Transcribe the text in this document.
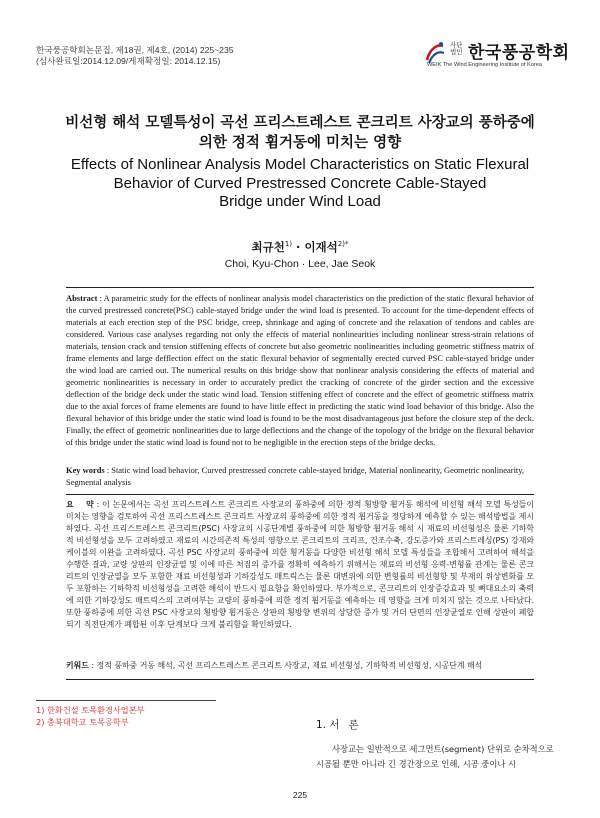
한국풍공학회논문집, 제18권, 제4호, (2014) 225~235
(심사완료일:2014.12.09/게재확정일: 2014.12.15)
사단
법인 한국풍공학회
WEIK The Wind Engineering Institute of Korea
비선형 해석 모델특성이 곡선 프리스트레스트 콘크리트 사장교의 풍하중에
의한 정적 휨거동에 미치는 영향
Effects of Nonlinear Analysis Model Characteristics on Static Flexural
Behavior of Curved Prestressed Concrete Cable-Stayed
Bridge under Wind Load
최규천$^{1)}$ · 이재석$^{2)*}$
Choi, Kyu-Chon · Lee, Jae Seok
Abstract : A parametric study for the effects of nonlinear analysis model characteristics on the prediction of the static flexural behavior of the curved prestressed concrete(PSC) cable-stayed bridge under the wind load is presented. To account for the time-dependent effects of materials at each erection step of the PSC bridge, creep, shrinkage and aging of concrete and the relaxation of tendons and cables are considered. Various case analyses regarding not only the effects of material nonlinearities including nonlinear stress-strain relations of materials, tension crack and tension stiffening effects of concrete but also geometric nonlinearities including geometric stiffness matrix of frame elements and large defflection effect on the static flexural behavior of segmentally erected curved PSC cable-stayed bridge under the wind load are carried out. The numerical results on this bridge show that nonlinear analysis considering the effects of material and geometric nonlinearities is necessary in order to accurately predict the cracking of concrete of the girder section and the excessive deflection of the bridge deck under the static wind load. Tension stiffening effect of concrete and the effect of geometric stiffness matrix due to the axial forces of frame elements are found to have little effect in predicting the static wind load behavior of this bridge. Also the flexural behavior of this bridge under the static wind load is found to be the most disadvantageous just before the closure step of the deck. Finally, the effect of geometric nonlinearities due to large deflections and the change of the topology of the bridge on the flexural behavior of this bridge under the static wind load is found not to be negligible in the erection steps of the bridge decks.
Key words : Static wind load behavior, Curved prestressed concrete cable-stayed bridge, Material nonlinearity, Geometric nonlinearity, Segmental analysis
요    약 : 이 논문에서는 곡선 프리스트레스트 콘크리트 사장교의 풍하중에 의한 정적 횡방향 휨거동 해석에 비선형 해석 모델 특성들이 미치는 영향을 검토하여 곡선 프리스트레스트 콘크리트 사장교의 풍하중에 의한 정적 휨거동을 정당하게 예측할 수 있는 해석방법을 제시하였다. 곡선 프리스트레스트 콘크리트(PSC) 사장교의 시공단계별 풍하중에 의한 횡방향 휨거동 해석 시 재료의 비선형성은 물론 기하학적 비선형성을 모두 고려하였고 재료의 시간의존적 특성의 영향으로 콘크리트의 크리프, 건조수축, 강도증가와 프리스트레싱(PS) 강재와 케이블의 이완을 고려하였다. 곡선 PSC 사장교의 풍하중에 의한 횡거동을 다양한 비선형 해석 모델 특성들을 조합해서 고려하여 해석을 수행한 결과, 교량 상판의 인장균열 및 이에 따른 처짐의 증가를 정확히 예측하기 위해서는 재료의 비선형 응력-변형률 관계는 물론 콘크리트의 인장균열을 모두 포함한 재료 비선형성과 기하강성도 매트릭스는 물론 대변위에 의한 변형률의 비선형항 및 부재의 위상변화를 모두 포함하는 기하학적 비선형성을 고려한 해석이 반드시 필요함을 확인하였다. 부가적으로, 콘크리트의 인장증강효과 및 뼈대요소의 축력에 의한 기하강성도 매트릭스의 고려여부는 교량의 풍하중에 의한 정적 휨거동을 예측하는 데 영향을 크게 미치지 않는 것으로 나타났다. 또한 풍하중에 의한 곡선 PSC 사장교의 횡방향 휨거동은 상판의 횡방향 변위의 상당한 증가 및 거더 단면의 인장균열로 인해 상판이 폐합되기 직전단계가 폐합된 이후 단계보다 크게 불리함을 확인하였다.
키워드 : 정적 풍하중 거동 해석, 곡선 프리스트레스트 콘크리트 사장교, 재료 비선형성, 기하학적 비선형성, 시공단계 해석
1) 한화건설 토목환경사업본부
2) 충북대학교 토목공학부	1. 서론
사장교는 일반적으로 세그먼트(segment) 단위로 순차적으로 시공될 뿐만 아니라 긴 경간장으로 인해, 시공 중이나 시
225
